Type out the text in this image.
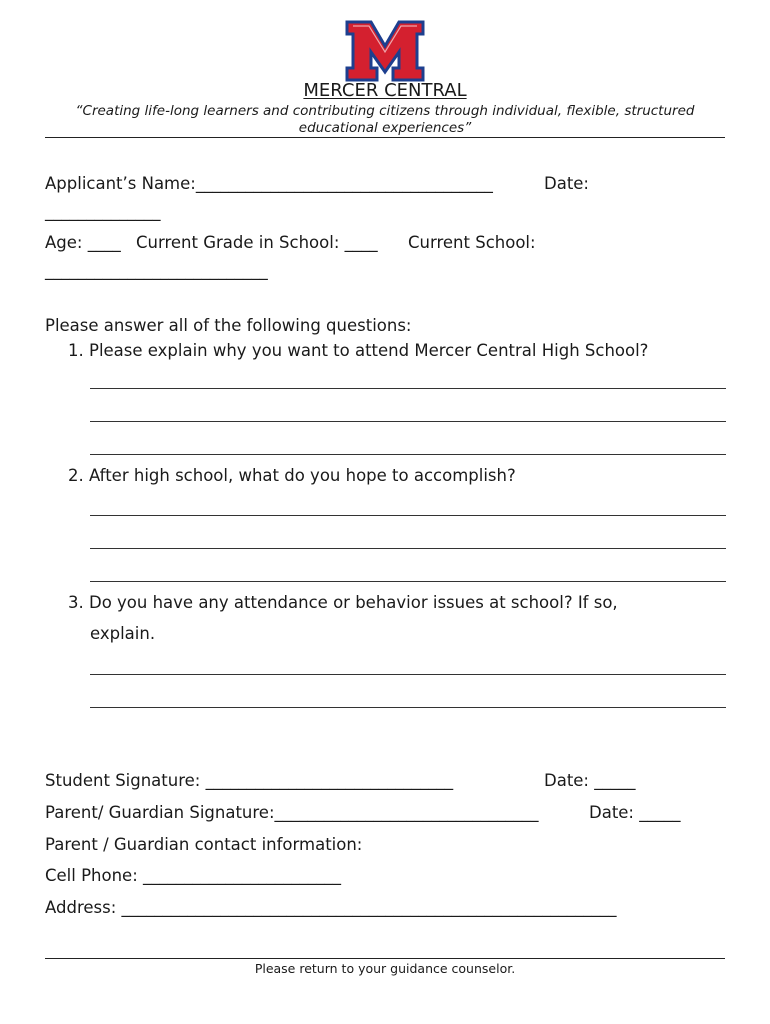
MERCER CENTRAL
“Creating life-long learners and contributing citizens through individual, flexible, structured educational experiences”
Applicant’s Name:____________________________________	Date:
______________
Age: ____ Current Grade in School: ____ Current School:
___________________________
Please answer all of the following questions:
1. Please explain why you want to attend Mercer Central High School?
2. After high school, what do you hope to accomplish?
3. Do you have any attendance or behavior issues at school? If so,
explain.
Student Signature: ______________________________	Date: _____
Parent/ Guardian Signature:________________________________	Date: _____
Parent / Guardian contact information:
Cell Phone: ________________________
Address: ____________________________________________________________
Please return to your guidance counselor.
